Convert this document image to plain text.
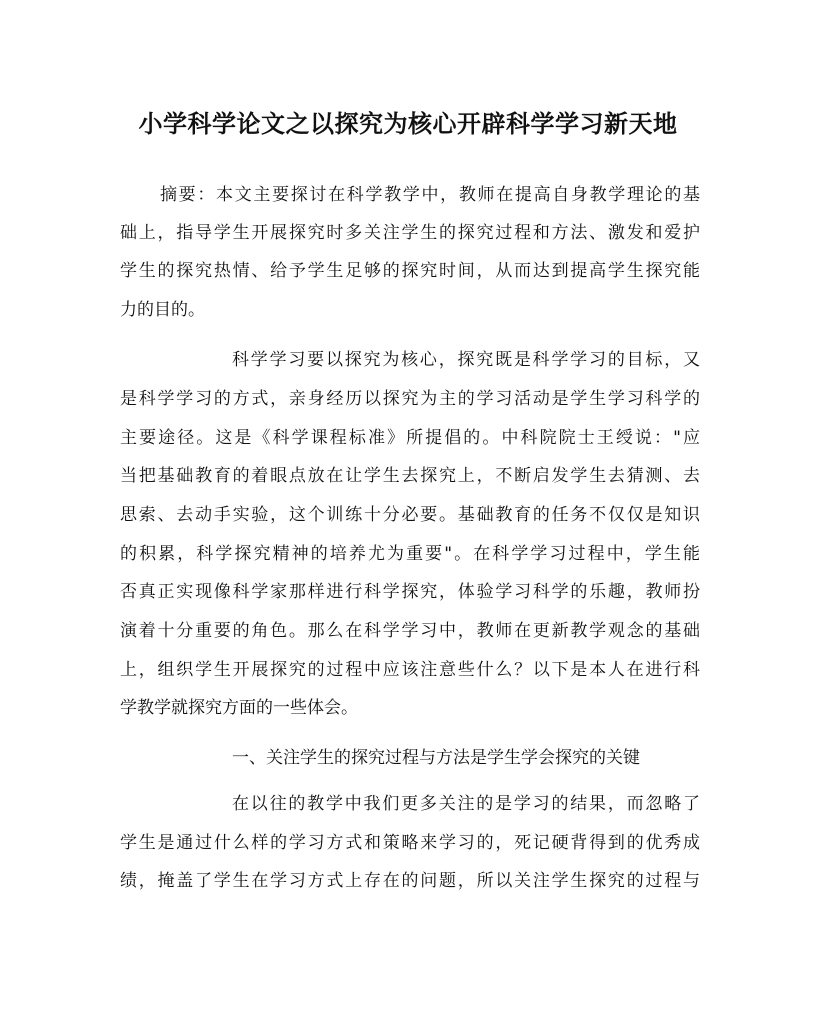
小学科学论文之以探究为核心开辟科学学习新天地
摘要：本文主要探讨在科学教学中，教师在提高自身教学理论的基
础上，指导学生开展探究时多关注学生的探究过程和方法、激发和爱护
学生的探究热情、给予学生足够的探究时间，从而达到提高学生探究能
力的目的。
科学学习要以探究为核心，探究既是科学学习的目标，又
是科学学习的方式，亲身经历以探究为主的学习活动是学生学习科学的
主要途径。这是《科学课程标准》所提倡的。中科院院士王绶说："应
当把基础教育的着眼点放在让学生去探究上，不断启发学生去猜测、去
思索、去动手实验，这个训练十分必要。基础教育的任务不仅仅是知识
的积累，科学探究精神的培养尤为重要"。在科学学习过程中，学生能
否真正实现像科学家那样进行科学探究，体验学习科学的乐趣，教师扮
演着十分重要的角色。那么在科学学习中，教师在更新教学观念的基础
上，组织学生开展探究的过程中应该注意些什么？以下是本人在进行科
学教学就探究方面的一些体会。
一、关注学生的探究过程与方法是学生学会探究的关键
在以往的教学中我们更多关注的是学习的结果，而忽略了
学生是通过什么样的学习方式和策略来学习的，死记硬背得到的优秀成
绩，掩盖了学生在学习方式上存在的问题，所以关注学生探究的过程与
